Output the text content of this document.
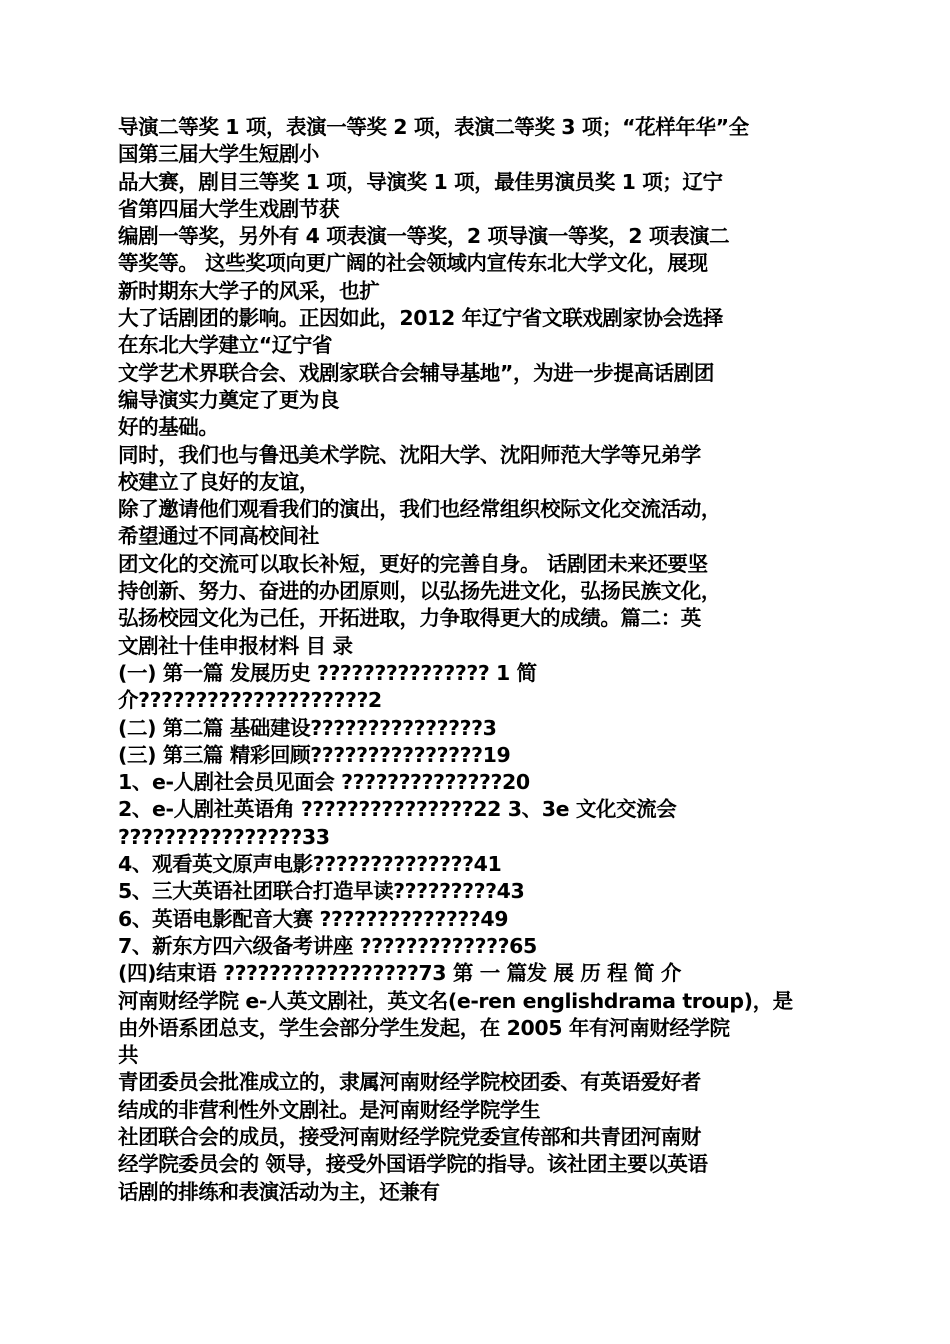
导演二等奖 1 项，表演一等奖 2 项，表演二等奖 3 项；“花样年华”全
国第三届大学生短剧小
品大赛，剧目三等奖 1 项，导演奖 1 项，最佳男演员奖 1 项；辽宁
省第四届大学生戏剧节获
编剧一等奖，另外有 4 项表演一等奖，2 项导演一等奖，2 项表演二
等奖等。 这些奖项向更广阔的社会领域内宣传东北大学文化，展现
新时期东大学子的风采，也扩
大了话剧团的影响。正因如此，2012 年辽宁省文联戏剧家协会选择
在东北大学建立“辽宁省
文学艺术界联合会、戏剧家联合会辅导基地”，为进一步提高话剧团
编导演实力奠定了更为良
好的基础。
同时，我们也与鲁迅美术学院、沈阳大学、沈阳师范大学等兄弟学
校建立了良好的友谊，
除了邀请他们观看我们的演出，我们也经常组织校际文化交流活动，
希望通过不同高校间社
团文化的交流可以取长补短，更好的完善自身。 话剧团未来还要坚
持创新、努力、奋进的办团原则，以弘扬先进文化，弘扬民族文化，
弘扬校园文化为己任，开拓进取，力争取得更大的成绩。篇二：英
文剧社十佳申报材料 目 录
(一) 第一篇 发展历史 ??????????????? 1 简
介????????????????????2
(二) 第二篇 基础建设???????????????3
(三) 第三篇 精彩回顾???????????????19
1、e-人剧社会员见面会 ??????????????20
2、e-人剧社英语角 ???????????????22 3、3e 文化交流会
????????????????33
4、观看英文原声电影??????????????41
5、三大英语社团联合打造早读?????????43
6、英语电影配音大赛 ??????????????49
7、新东方四六级备考讲座 ?????????????65
(四)结束语 ?????????????????73 第 一 篇发 展 历 程 简 介
河南财经学院 e-人英文剧社，英文名(e-ren englishdrama troup)，是
由外语系团总支，学生会部分学生发起，在 2005 年有河南财经学院
共
青团委员会批准成立的，隶属河南财经学院校团委、有英语爱好者
结成的非营利性外文剧社。是河南财经学院学生
社团联合会的成员，接受河南财经学院党委宣传部和共青团河南财
经学院委员会的 领导，接受外国语学院的指导。该社团主要以英语
话剧的排练和表演活动为主，还兼有
